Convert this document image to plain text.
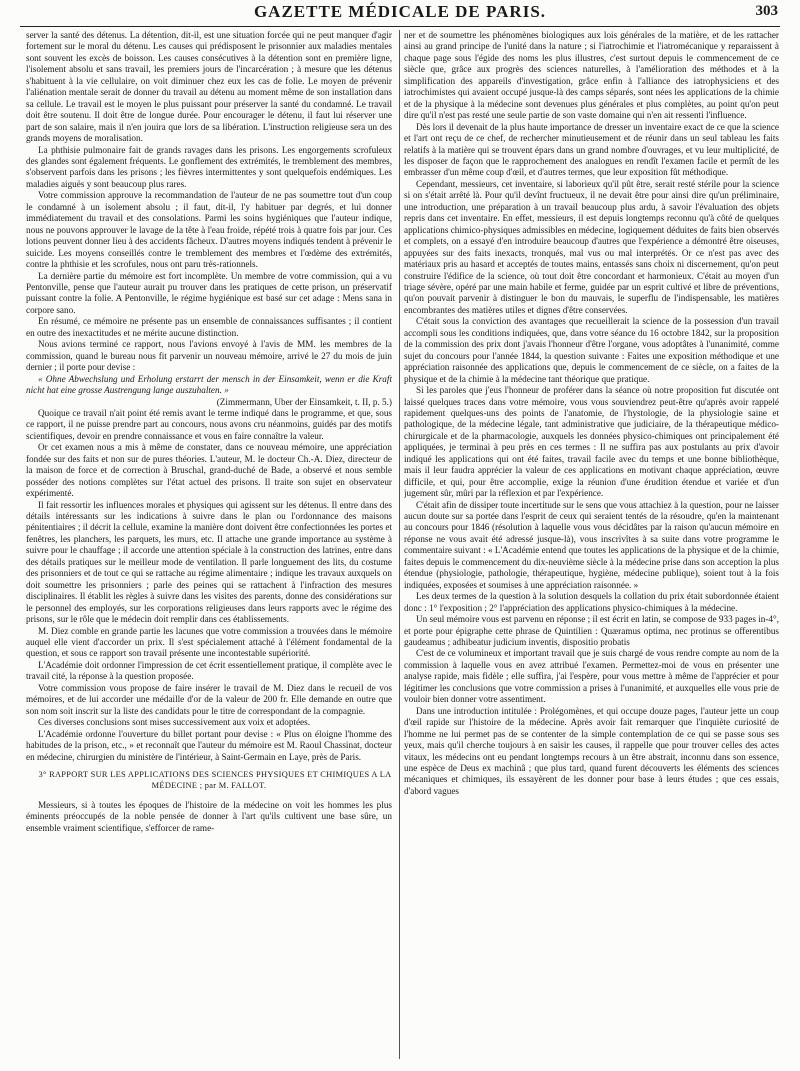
GAZETTE MÉDICALE DE PARIS.	303

server la santé des détenus. La détention, dit-il, est une situation forcée qui ne peut manquer d'agir fortement sur le moral du détenu. Les causes qui prédisposent le prisonnier aux maladies mentales sont souvent les excès de boisson. Les causes consécutives à la détention sont en première ligne, l'isolement absolu et sans travail, les premiers jours de l'incarcération ; à mesure que les détenus s'habituent à la vie cellulaire, on voit diminuer chez eux les cas de folie. Le moyen de prévenir l'aliénation mentale serait de donner du travail au détenu au moment même de son installation dans sa cellule. Le travail est le moyen le plus puissant pour préserver la santé du condamné. Le travail doit être soutenu. Il doit être de longue durée. Pour encourager le détenu, il faut lui réserver une part de son salaire, mais il n'en jouira que lors de sa libération. L'instruction religieuse sera un des grands moyens de moralisation.

La phthisie pulmonaire fait de grands ravages dans les prisons. Les engorgements scrofuleux des glandes sont également fréquents. Le gonflement des extrémités, le tremblement des membres, s'observent parfois dans les prisons ; les fièvres intermittentes y sont quelquefois endémiques. Les maladies aiguës y sont beaucoup plus rares.

Votre commission approuve la recommandation de l'auteur de ne pas soumettre tout d'un coup le condamné à un isolement absolu ; il faut, dit-il, l'y habituer par degrés, et lui donner immédiatement du travail et des consolations. Parmi les soins hygiéniques que l'auteur indique, nous ne pouvons approuver le lavage de la tête à l'eau froide, répété trois à quatre fois par jour. Ces lotions peuvent donner lieu à des accidents fâcheux. D'autres moyens indiqués tendent à prévenir le suicide. Les moyens conseillés contre le tremblement des membres et l'œdème des extrémités, contre la phthisie et les scrofules, nous ont paru très-rationnels.

La dernière partie du mémoire est fort incomplète. Un membre de votre commission, qui a vu Pentonville, pense que l'auteur aurait pu trouver dans les pratiques de cette prison, un préservatif puissant contre la folie. A Pentonville, le régime hygiénique est basé sur cet adage : Mens sana in corpore sano.

En résumé, ce mémoire ne présente pas un ensemble de connaissances suffisantes ; il contient en outre des inexactitudes et ne mérite aucune distinction.

Nous avions terminé ce rapport, nous l'avions envoyé à l'avis de MM. les membres de la commission, quand le bureau nous fit parvenir un nouveau mémoire, arrivé le 27 du mois de juin dernier ; il porte pour devise :

« Ohne Abwechslung und Erholung erstarrt der mensch in der Einsamkeit, wenn er die Kraft nicht hat eine grosse Austrengung lange auszuhalten. »

(Zimmermann, Uber der Einsamkeit, t. II, p. 5.)

Quoique ce travail n'ait point été remis avant le terme indiqué dans le programme, et que, sous ce rapport, il ne puisse prendre part au concours, nous avons cru néanmoins, guidés par des motifs scientifiques, devoir en prendre connaissance et vous en faire connaître la valeur.

Or cet examen nous a mis à même de constater, dans ce nouveau mémoire, une appréciation fondée sur des faits et non sur de pures théories. L'auteur, M. le docteur Ch.-A. Diez, directeur de la maison de force et de correction à Bruschal, grand-duché de Bade, a observé et nous semble posséder des notions complètes sur l'état actuel des prisons. Il traite son sujet en observateur expérimenté.

Il fait ressortir les influences morales et physiques qui agissent sur les détenus. Il entre dans des détails intéressants sur les indications à suivre dans le plan ou l'ordonnance des maisons pénitentiaires ; il décrit la cellule, examine la manière dont doivent être confectionnées les portes et fenêtres, les planchers, les parquets, les murs, etc. Il attache une grande importance au système à suivre pour le chauffage ; il accorde une attention spéciale à la construction des latrines, entre dans des détails pratiques sur le meilleur mode de ventilation. Il parle longuement des lits, du costume des prisonniers et de tout ce qui se rattache au régime alimentaire ; indique les travaux auxquels on doit soumettre les prisonniers ; parle des peines qui se rattachent à l'infraction des mesures disciplinaires. Il établit les règles à suivre dans les visites des parents, donne des considérations sur le personnel des employés, sur les corporations religieuses dans leurs rapports avec le régime des prisons, sur le rôle que le médecin doit remplir dans ces établissements.

M. Diez comble en grande partie les lacunes que votre commission a trouvées dans le mémoire auquel elle vient d'accorder un prix. Il s'est spécialement attaché à l'élément fondamental de la question, et sous ce rapport son travail présente une incontestable supériorité.

L'Académie doit ordonner l'impression de cet écrit essentiellement pratique, il complète avec le travail cité, la réponse à la question proposée.

Votre commission vous propose de faire insérer le travail de M. Diez dans le recueil de vos mémoires, et de lui accorder une médaille d'or de la valeur de 200 fr. Elle demande en outre que son nom soit inscrit sur la liste des candidats pour le titre de correspondant de la compagnie.

Ces diverses conclusions sont mises successivement aux voix et adoptées.

L'Académie ordonne l'ouverture du billet portant pour devise : « Plus on éloigne l'homme des habitudes de la prison, etc., » et reconnaît que l'auteur du mémoire est M. Raoul Chassinat, docteur en médecine, chirurgien du ministère de l'intérieur, à Saint-Germain en Laye, près de Paris.

3° RAPPORT SUR LES APPLICATIONS DES SCIENCES PHYSIQUES ET CHIMIQUES A LA MÉDECINE ; par M. FALLOT.

Messieurs, si à toutes les époques de l'histoire de la médecine on voit les hommes les plus éminents préoccupés de la noble pensée de donner à l'art qu'ils cultivent une base sûre, un ensemble vraiment scientifique, s'efforcer de rame-

ner et de soumettre les phénomènes biologiques aux lois générales de la matière, et de les rattacher ainsi au grand principe de l'unité dans la nature ; si l'iatrochimie et l'iatromécanique y reparaissent à chaque page sous l'égide des noms les plus illustres, c'est surtout depuis le commencement de ce siècle que, grâce aux progrès des sciences naturelles, à l'amélioration des méthodes et à la simplification des appareils d'investigation, grâce enfin à l'alliance des iatrophysiciens et des iatrochimistes qui avaient occupé jusque-là des camps séparés, sont nées les applications de la chimie et de la physique à la médecine sont devenues plus générales et plus complètes, au point qu'on peut dire qu'il n'est pas resté une seule partie de son vaste domaine qui n'en ait ressenti l'influence.

Dès lors il devenait de la plus haute importance de dresser un inventaire exact de ce que la science et l'art ont reçu de ce chef, de rechercher minutieusement et de réunir dans un seul tableau les faits relatifs à la matière qui se trouvent épars dans un grand nombre d'ouvrages, et vu leur multiplicité, de les disposer de façon que le rapprochement des analogues en rendît l'examen facile et permît de les embrasser d'un même coup d'œil, et d'autres termes, que leur exposition fût méthodique.

Cependant, messieurs, cet inventaire, si laborieux qu'il pût être, serait resté stérile pour la science si on s'était arrêté là. Pour qu'il devînt fructueux, il ne devait être pour ainsi dire qu'un préliminaire, une introduction, une préparation à un travail beaucoup plus ardu, à savoir l'évaluation des objets repris dans cet inventaire. En effet, messieurs, il est depuis longtemps reconnu qu'à côté de quelques applications chimico-physiques admissibles en médecine, logiquement déduites de faits bien observés et complets, on a essayé d'en introduire beaucoup d'autres que l'expérience a démontré être oiseuses, appuyées sur des faits inexacts, tronqués, mal vus ou mal interprétés. Or ce n'est pas avec des matériaux pris au hasard et acceptés de toutes mains, entassés sans choix ni discernement, qu'on peut construire l'édifice de la science, où tout doit être concordant et harmonieux. C'était au moyen d'un triage sévère, opéré par une main habile et ferme, guidée par un esprit cultivé et libre de préventions, qu'on pouvait parvenir à distinguer le bon du mauvais, le superflu de l'indispensable, les matières encombrantes des matières utiles et dignes d'être conservées.

C'était sous la conviction des avantages que recueillerait la science de la possession d'un travail accompli sous les conditions indiquées, que, dans votre séance du 16 octobre 1842, sur la proposition de la commission des prix dont j'avais l'honneur d'être l'organe, vous adoptâtes à l'unanimité, comme sujet du concours pour l'année 1844, la question suivante : Faites une exposition méthodique et une appréciation raisonnée des applications que, depuis le commencement de ce siècle, on a faites de la physique et de la chimie à la médecine tant théorique que pratique.

Si les paroles que j'eus l'honneur de proférer dans la séance où notre proposition fut discutée ont laissé quelques traces dans votre mémoire, vous vous souviendrez peut-être qu'après avoir rappelé rapidement quelques-uns des points de l'anatomie, de l'hystologie, de la physiologie saine et pathologique, de la médecine légale, tant administrative que judiciaire, de la thérapeutique médico-chirurgicale et de la pharmacologie, auxquels les données physico-chimiques ont principalement été appliquées, je terminai à peu près en ces termes : Il ne suffira pas aux postulants au prix d'avoir indiqué les applications qui ont été faites, travail facile avec du temps et une bonne bibliothèque, mais il leur faudra apprécier la valeur de ces applications en motivant chaque appréciation, œuvre difficile, et qui, pour être accomplie, exige la réunion d'une érudition étendue et variée et d'un jugement sûr, mûri par la réflexion et par l'expérience.

C'était afin de dissiper toute incertitude sur le sens que vous attachiez à la question, pour ne laisser aucun doute sur sa portée dans l'esprit de ceux qui seraient tentés de la résoudre, qu'en la maintenant au concours pour 1846 (résolution à laquelle vous vous décidâtes par la raison qu'aucun mémoire en réponse ne vous avait été adressé jusque-là), vous inscrivîtes à sa suite dans votre programme le commentaire suivant : « L'Académie entend que toutes les applications de la physique et de la chimie, faites depuis le commencement du dix-neuvième siècle à la médecine prise dans son acception la plus étendue (physiologie, pathologie, thérapeutique, hygiène, médecine publique), soient tout à la fois indiquées, exposées et soumises à une appréciation raisonnée. »

Les deux termes de la question à la solution desquels la collation du prix était subordonnée étaient donc : 1° l'exposition ; 2° l'appréciation des applications physico-chimiques à la médecine.

Un seul mémoire vous est parvenu en réponse ; il est écrit en latin, se compose de 933 pages in-4°, et porte pour épigraphe cette phrase de Quintilien : Quæramus optima, nec protinus se offerentibus gaudeamus ; adhibeatur judicium inventis, dispositio probatis

C'est de ce volumineux et important travail que je suis chargé de vous rendre compte au nom de la commission à laquelle vous en avez attribué l'examen. Permettez-moi de vous en présenter une analyse rapide, mais fidèle ; elle suffira, j'ai l'espère, pour vous mettre à même de l'apprécier et pour légitimer les conclusions que votre commission a prises à l'unanimité, et auxquelles elle vous prie de vouloir bien donner votre assentiment.

Dans une introduction intitulée : Prolégomènes, et qui occupe douze pages, l'auteur jette un coup d'œil rapide sur l'histoire de la médecine. Après avoir fait remarquer que l'inquiète curiosité de l'homme ne lui permet pas de se contenter de la simple contemplation de ce qui se passe sous ses yeux, mais qu'il cherche toujours à en saisir les causes, il rappelle que pour trouver celles des actes vitaux, les médecins ont eu pendant longtemps recours à un être abstrait, inconnu dans son essence, une espèce de Deus ex machinâ ; que plus tard, quand furent découverts les éléments des sciences mécaniques et chimiques, ils essayèrent de les donner pour base à leurs études ; que ces essais, d'abord vagues
